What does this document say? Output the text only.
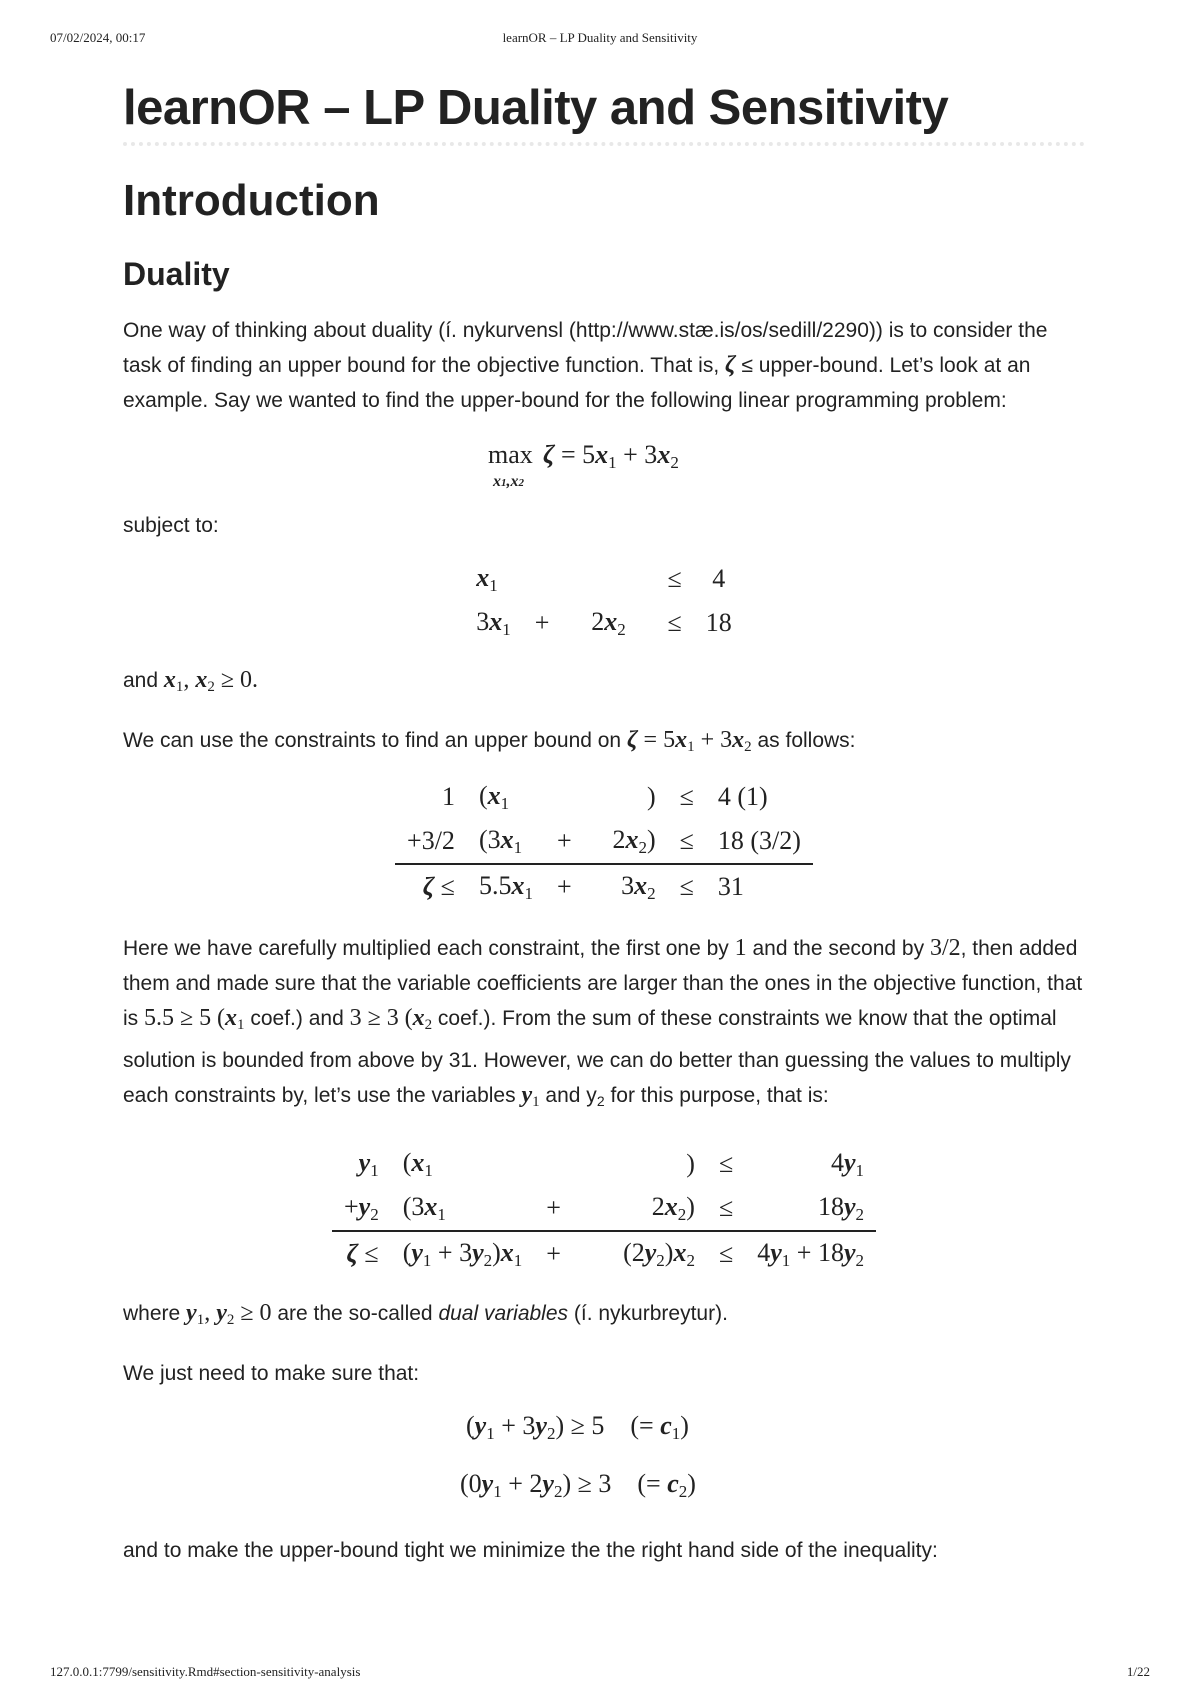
07/02/2024, 00:17	learnOR – LP Duality and Sensitivity
learnOR – LP Duality and Sensitivity
Introduction
Duality

One way of thinking about duality (í. nykurvensl (http://www.stæ.is/os/sedill/2290)) is to consider the task of finding an upper bound for the objective function. That is, ζ ≤ upper-bound. Let’s look at an example. Say we wanted to find the upper-bound for the following linear programming problem:

max
x1,x2
ζ = 5x1 + 3x2

subject to:

x1			≤	4
3x1	+	2x2	≤	18

and $x_1$, $x_2 \ge 0$.

We can use the constraints to find an upper bound on $\zeta = 5x_1 + 3x_2$ as follows:

1	(x1		)	≤	4 (1)
+3/2	(3x1	+	2x2)	≤	18 (3/2)
ζ ≤	5.5x1	+	3x2	≤	31

Here we have carefully multiplied each constraint, the first one by 1 and the second by 3/2, then added them and made sure that the variable coefficients are larger than the ones in the objective function, that is 5.5 ≥ 5 ($x_1$ coef.) and 3 ≥ 3 ($x_2$ coef.). From the sum of these constraints we know that the optimal solution is bounded from above by 31. However, we can do better than guessing the values to multiply each constraints by, let’s use the variables $y_1$ and $y_2$ for this purpose, that is:

y1	(x1		)	≤	4y1
+y2	(3x1	+	2x2)	≤	18y2
ζ ≤	(y1 + 3y2)x1	+	(2y2)x2	≤	4y1 + 18y2

where $y_1$, $y_2 \ge 0$ are the so-called dual variables (í. nykurbreytur).

We just need to make sure that:

(y1 + 3y2) ≥ 5    (= c1)
(0y1 + 2y2) ≥ 3    (= c2)

and to make the upper-bound tight we minimize the the right hand side of the inequality:

127.0.0.1:7799/sensitivity.Rmd#section-sensitivity-analysis	1/22
